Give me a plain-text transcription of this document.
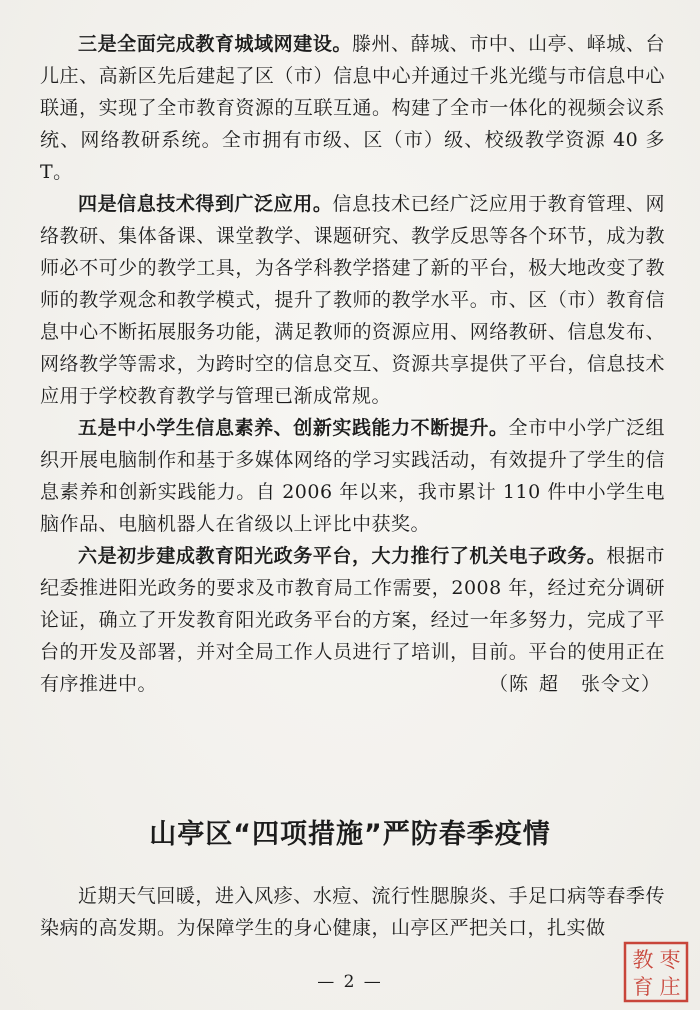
三是全面完成教育城域网建设。滕州、薛城、市中、山亭、峄城、台儿庄、高新区先后建起了区（市）信息中心并通过千兆光缆与市信息中心联通，实现了全市教育资源的互联互通。构建了全市一体化的视频会议系统、网络教研系统。全市拥有市级、区（市）级、校级教学资源 40 多 T。

四是信息技术得到广泛应用。信息技术已经广泛应用于教育管理、网络教研、集体备课、课堂教学、课题研究、教学反思等各个环节，成为教师必不可少的教学工具，为各学科教学搭建了新的平台，极大地改变了教师的教学观念和教学模式，提升了教师的教学水平。市、区（市）教育信息中心不断拓展服务功能，满足教师的资源应用、网络教研、信息发布、网络教学等需求，为跨时空的信息交互、资源共享提供了平台，信息技术应用于学校教育教学与管理已渐成常规。

五是中小学生信息素养、创新实践能力不断提升。全市中小学广泛组织开展电脑制作和基于多媒体网络的学习实践活动，有效提升了学生的信息素养和创新实践能力。自 2006 年以来，我市累计 110 件中小学生电脑作品、电脑机器人在省级以上评比中获奖。

六是初步建成教育阳光政务平台，大力推行了机关电子政务。根据市纪委推进阳光政务的要求及市教育局工作需要，2008 年，经过充分调研论证，确立了开发教育阳光政务平台的方案，经过一年多努力，完成了平台的开发及部署，并对全局工作人员进行了培训，目前。平台的使用正在有序推进中。	（陈 超 张令文）
山亭区“四项措施”严防春季疫情

近期天气回暖，进入风疹、水痘、流行性腮腺炎、手足口病等春季传染病的高发期。为保障学生的身心健康，山亭区严把关口，扎实做

— 2 —
枣
庄
教
育
